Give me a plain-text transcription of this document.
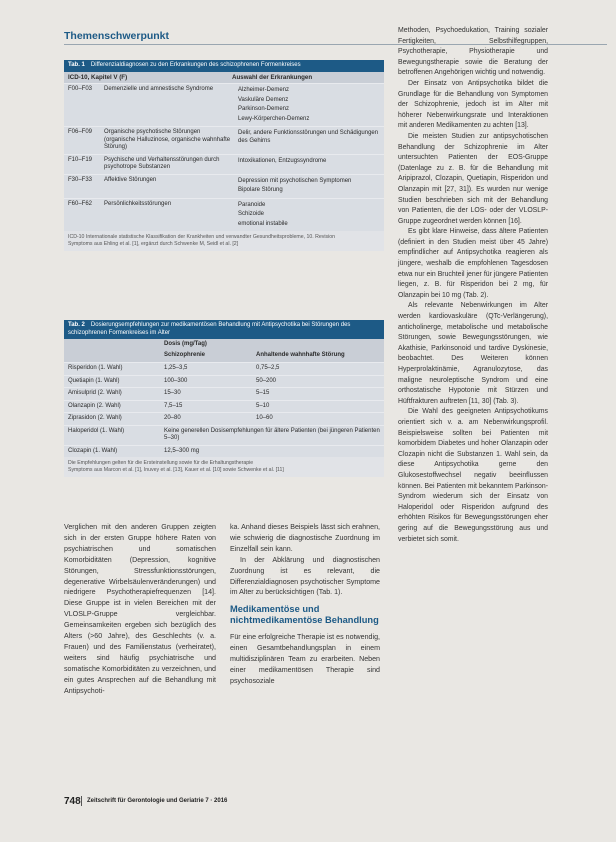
Themenschwerpunkt
Tab. 1 Differenzialdiagnosen zu den Erkrankungen des schizophrenen Formenkreises
ICD-10, Kapitel V (F)	Auswahl der Erkrankungen
F00–F03	Demenzielle und amnestische Syndrome	Alzheimer-Demenz
Vaskuläre Demenz
Parkinson-Demenz
Lewy-Körperchen-Demenz
F06–F09	Organische psychotische Störungen (organische Halluzinose, organische wahnhafte Störung)
Delir, andere Funktionsstörungen und Schädigungen des Gehirns
F10–F19	Psychische und Verhaltensstörungen durch psychotrope Substanzen
Intoxikationen, Entzugssyndrome
F30–F33	Affektive Störungen	Depression mit psychotischen Symptomen
Bipolare Störung
F60–F62	Persönlichkeitsstörungen	Paranoide
Schizoide
emotional instabile
ICD-10 Internationale statistische Klassifikation der Krankheiten und verwandter Gesundheitsprobleme, 10. Revision
Symptoms aus Ehling et al. [1], ergänzt durch Schwenke M, Seidl et al. [2]
Tab. 2 Dosierungsempfehlungen zur medikamentösen Behandlung mit Antipsychotika bei Störungen des schizophrenen Formenkreises im Alter
Dosis (mg/Tag)
Schizophrenie	Anhaltende wahnhafte Störung
Risperidon (1. Wahl)	1,25–3,5	0,75–2,5
Quetiapin (1. Wahl)	100–300	50–200
Amisulprid (2. Wahl)	15–30	5–15
Olanzapin (2. Wahl)	7,5–15	5–10
Ziprasidon (2. Wahl)	20–80	10–60
Haloperidol (1. Wahl)	Keine generellen Dosisempfehlungen für ältere Patienten (bei jüngeren Patienten 5–30)
Clozapin (1. Wahl)	12,5–300 mg
Die Empfehlungen gelten für die Ersteinstellung sowie für die Erhaltungstherapie
Symptoms aus Marcon et al. [1], Inuvey et al. [13], Kauer et al. [10] sowie Schwenke et al. [11]

Verglichen mit den anderen Gruppen zeigten sich in der ersten Gruppe höhere Raten von psychiatrischen und somatischen Komorbiditäten (Depression, kognitive Störungen, Stressfunktionsstörungen, degenerative Wirbelsäulenveränderungen) und niedrigere Psychotherapiefrequenzen [14]. Diese Gruppe ist in vielen Bereichen mit der VLOSLP-Gruppe vergleichbar. Gemeinsamkeiten ergeben sich bezüglich des Alters (>60 Jahre), des Geschlechts (v. a. Frauen) und des Familienstatus (verheiratet), weiters sind häufig psychiatrische und somatische Komorbiditäten zu verzeichnen, und ein gutes Ansprechen auf die Behandlung mit Antipsychoti-

ka. Anhand dieses Beispiels lässt sich erahnen, wie schwierig die diagnostische Zuordnung im Einzelfall sein kann.

In der Abklärung und diagnostischen Zuordnung ist es relevant, die Differenzialdiagnosen psychotischer Symptome im Alter zu berücksichtigen (Tab. 1).

Medikamentöse und nichtmedikamentöse Behandlung

Für eine erfolgreiche Therapie ist es notwendig, einen Gesamtbehandlungsplan in einem multidisziplinären Team zu erarbeiten. Neben einer medikamentösen Therapie sind psychosoziale

Methoden, Psychoedukation, Training sozialer Fertigkeiten, Selbsthilfegruppen, Psychotherapie, Physiotherapie und Bewegungstherapie sowie die Beratung der betroffenen Angehörigen wichtig und notwendig.

Der Einsatz von Antipsychotika bildet die Grundlage für die Behandlung von Symptomen der Schizophrenie, jedoch ist im Alter mit höherer Nebenwirkungsrate und Interaktionen mit anderen Medikamenten zu achten [13].

Die meisten Studien zur antipsychotischen Behandlung der Schizophrenie im Alter untersuchten Patienten der EOS-Gruppe (Datenlage zu z. B. für die Behandlung mit Aripiprazol, Clozapin, Quetiapin, Risperidon und Olanzapin mit [27, 31]). Es wurden nur wenige Studien beschrieben sich mit der Behandlung von Patienten, die der LOS- oder der VLOSLP-Gruppe zugeordnet werden können [16].

Es gibt klare Hinweise, dass ältere Patienten (definiert in den Studien meist über 45 Jahre) empfindlicher auf Antipsychotika reagieren als jüngere, weshalb die empfohlenen Tagesdosen etwa nur ein Bruchteil jener für jüngere Patienten liegen, z. B. für Risperidon bei 2 mg, für Olanzapin bei 10 mg (Tab. 2).

Als relevante Nebenwirkungen im Alter werden kardiovaskuläre (QTc-Verlängerung), anticholinerge, metabolische und metabolische Störungen, sowie Bewegungsstörungen, wie Akathisie, Parkinsonoid und tardive Dyskinesie, beobachtet. Des Weiteren können Hyperprolaktinämie, Agranulozytose, das maligne neuroleptische Syndrom und eine orthostatische Hypotonie mit Stürzen und Hüftfrakturen auftreten [11, 30] (Tab. 3).

Die Wahl des geeigneten Antipsychotikums orientiert sich v. a. am Nebenwirkungsprofil. Beispielsweise sollten bei Patienten mit komorbidem Diabetes und hoher Olanzapin oder Clozapin nicht die Substanzen 1. Wahl sein, da diese Antipsychotika gerne den Glukosestoffwechsel negativ beeinflussen können. Bei Patienten mit bekanntem Parkinson-Syndrom wiederum sich der Einsatz von Haloperidol oder Risperidon aufgrund des erhöhten Risikos für Bewegungsstörungen eher gering auf die Bewegungsstörung aus und verbietet sich somit.

748 Zeitschrift für Gerontologie und Geriatrie 7 · 2016
